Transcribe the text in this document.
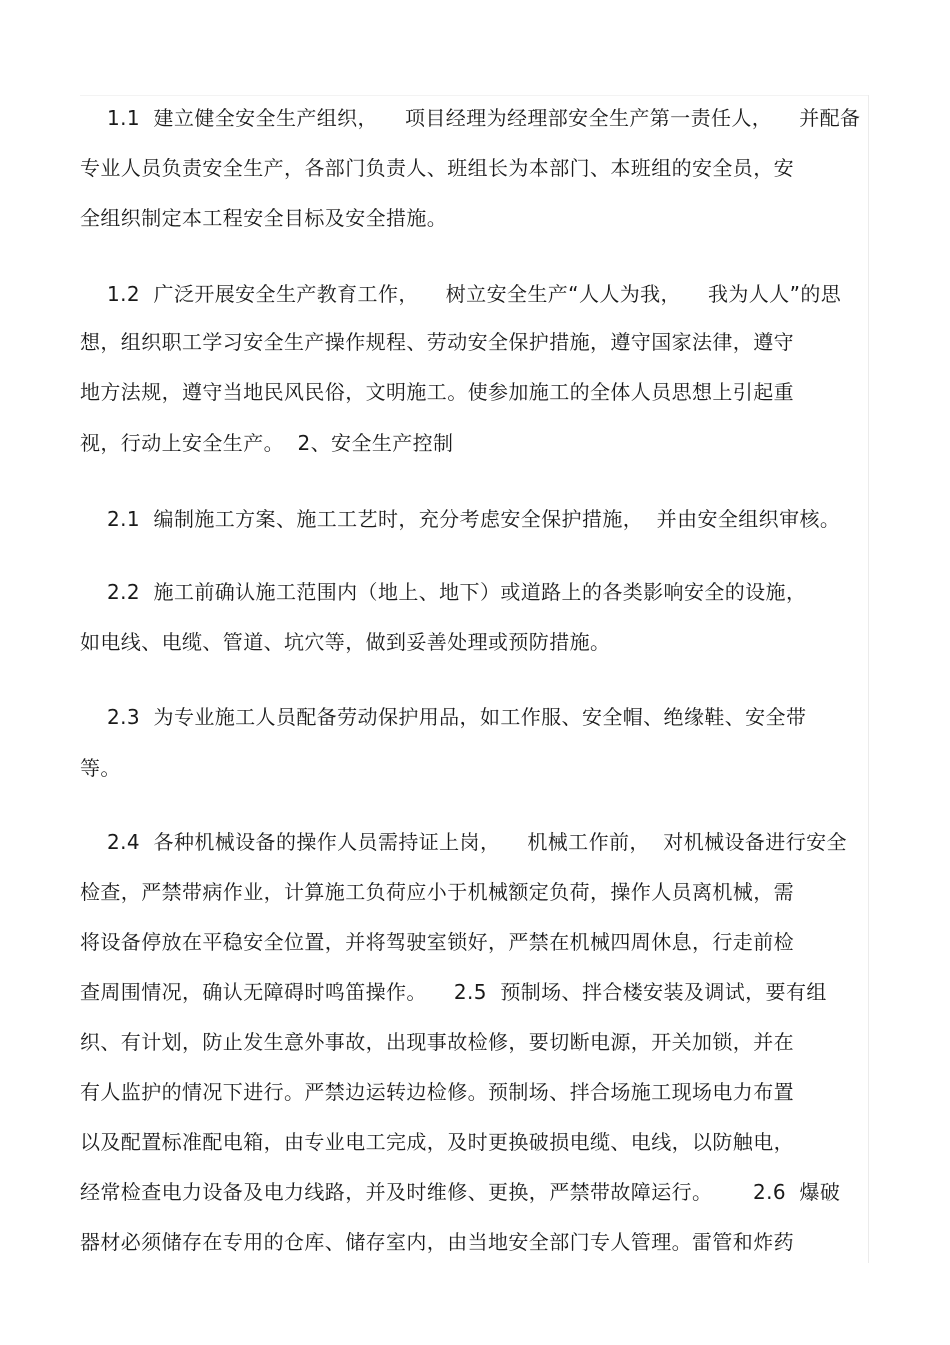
1.1  建立健全安全生产组织，    项目经理为经理部安全生产第一责任人，    并配备
专业人员负责安全生产，各部门负责人、班组长为本部门、本班组的安全员，安
全组织制定本工程安全目标及安全措施。
1.2  广泛开展安全生产教育工作，    树立安全生产“人人为我，    我为人人”的思
想，组织职工学习安全生产操作规程、劳动安全保护措施，遵守国家法律，遵守
地方法规，遵守当地民风民俗，文明施工。使参加施工的全体人员思想上引起重
视，行动上安全生产。  2、安全生产控制
2.1  编制施工方案、施工工艺时，充分考虑安全保护措施，  并由安全组织审核。
2.2  施工前确认施工范围内（地上、地下）或道路上的各类影响安全的设施，
如电线、电缆、管道、坑穴等，做到妥善处理或预防措施。
2.3  为专业施工人员配备劳动保护用品，如工作服、安全帽、绝缘鞋、安全带
等。
2.4  各种机械设备的操作人员需持证上岗，    机械工作前，  对机械设备进行安全
检查，严禁带病作业，计算施工负荷应小于机械额定负荷，操作人员离机械，需
将设备停放在平稳安全位置，并将驾驶室锁好，严禁在机械四周休息，行走前检
查周围情况，确认无障碍时鸣笛操作。    2.5  预制场、拌合楼安装及调试，要有组
织、有计划，防止发生意外事故，出现事故检修，要切断电源，开关加锁，并在
有人监护的情况下进行。严禁边运转边检修。预制场、拌合场施工现场电力布置
以及配置标准配电箱，由专业电工完成，及时更换破损电缆、电线，以防触电，
经常检查电力设备及电力线路，并及时维修、更换，严禁带故障运行。      2.6  爆破
器材必须储存在专用的仓库、储存室内，由当地安全部门专人管理。雷管和炸药
